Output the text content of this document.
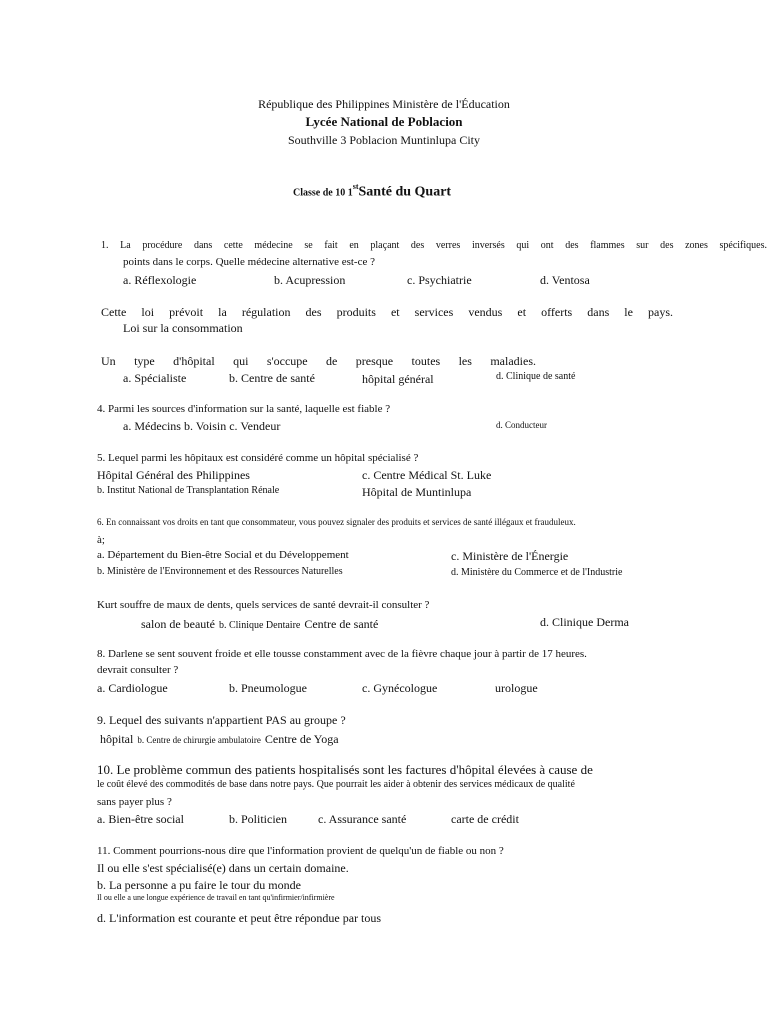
République des Philippines Ministère de l'Éducation
Lycée National de Poblacion
Southville 3 Poblacion Muntinlupa City
Classe de 10 1stSanté du Quart
1. La procédure dans cette médecine se fait en plaçant des verres inversés qui ont des flammes sur des zones spécifiques.
points dans le corps. Quelle médecine alternative est-ce ?
a. Réflexologie	b. Acupression	c. Psychiatrie	d. Ventosa
Cette loi prévoit la régulation des produits et services vendus et offerts dans le pays.
Loi sur la consommation
Un type d'hôpital qui s'occupe de presque toutes les maladies.
a. Spécialiste	b. Centre de santé	hôpital général	d. Clinique de santé
4. Parmi les sources d'information sur la santé, laquelle est fiable ?
a. Médecins b. Voisin c. Vendeur	d. Conducteur
5. Lequel parmi les hôpitaux est considéré comme un hôpital spécialisé ?
Hôpital Général des Philippines
b. Institut National de Transplantation Rénale
c. Centre Médical St. Luke
Hôpital de Muntinlupa
6. En connaissant vos droits en tant que consommateur, vous pouvez signaler des produits et services de santé illégaux et frauduleux.
à;
a. Département du Bien-être Social et du Développement
b. Ministère de l'Environnement et des Ressources Naturelles
c. Ministère de l'Énergie
d. Ministère du Commerce et de l'Industrie
Kurt souffre de maux de dents, quels services de santé devrait-il consulter ?
salon de beauté b. Clinique Dentaire Centre de santé	d. Clinique Derma
8. Darlene se sent souvent froide et elle tousse constamment avec de la fièvre chaque jour à partir de 17 heures.
devrait consulter ?
a. Cardiologue	b. Pneumologue	c. Gynécologue	urologue
9. Lequel des suivants n'appartient PAS au groupe ?
hôpital b. Centre de chirurgie ambulatoire Centre de Yoga
10. Le problème commun des patients hospitalisés sont les factures d'hôpital élevées à cause de
le coût élevé des commodités de base dans notre pays. Que pourrait les aider à obtenir des services médicaux de qualité
sans payer plus ?
a. Bien-être social	b. Politicien	c. Assurance santé	carte de crédit
11. Comment pourrions-nous dire que l'information provient de quelqu'un de fiable ou non ?
Il ou elle s'est spécialisé(e) dans un certain domaine.
b. La personne a pu faire le tour du monde
Il ou elle a une longue expérience de travail en tant qu'infirmier/infirmière
d. L'information est courante et peut être répondue par tous
